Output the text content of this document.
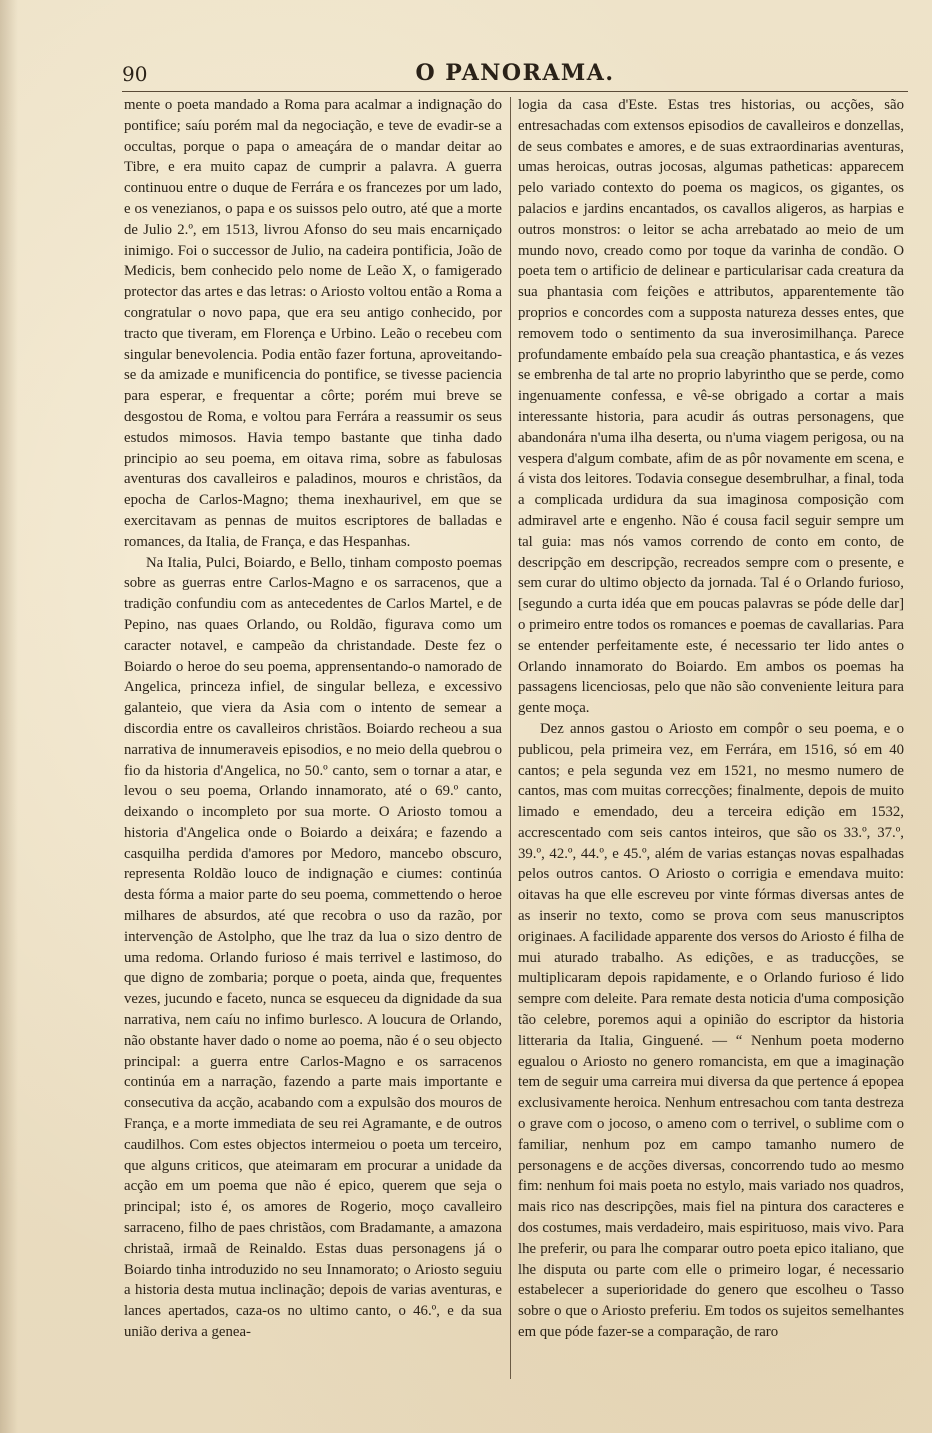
90	O PANORAMA.

mente o poeta mandado a Roma para acalmar a indignação do pontifice; saíu porém mal da negociação, e teve de evadir-se a occultas, porque o papa o ameaçára de o mandar deitar ao Tibre, e era muito capaz de cumprir a palavra. A guerra continuou entre o duque de Ferrára e os francezes por um lado, e os venezianos, o papa e os suissos pelo outro, até que a morte de Julio 2.º, em 1513, livrou Afonso do seu mais encarniçado inimigo. Foi o successor de Julio, na cadeira pontificia, João de Medicis, bem conhecido pelo nome de Leão X, o famigerado protector das artes e das letras: o Ariosto voltou então a Roma a congratular o novo papa, que era seu antigo conhecido, por tracto que tiveram, em Florença e Urbino. Leão o recebeu com singular benevolencia. Podia então fazer fortuna, aproveitando-se da amizade e munificencia do pontifice, se tivesse paciencia para esperar, e frequentar a côrte; porém mui breve se desgostou de Roma, e voltou para Ferrára a reassumir os seus estudos mimosos. Havia tempo bastante que tinha dado principio ao seu poema, em oitava rima, sobre as fabulosas aventuras dos cavalleiros e paladinos, mouros e christãos, da epocha de Carlos-Magno; thema inexhaurivel, em que se exercitavam as pennas de muitos escriptores de balladas e romances, da Italia, de França, e das Hespanhas.

Na Italia, Pulci, Boiardo, e Bello, tinham composto poemas sobre as guerras entre Carlos-Magno e os sarracenos, que a tradição confundiu com as antecedentes de Carlos Martel, e de Pepino, nas quaes Orlando, ou Roldão, figurava como um caracter notavel, e campeão da christandade. Deste fez o Boiardo o heroe do seu poema, apprensentando-o namorado de Angelica, princeza infiel, de singular belleza, e excessivo galanteio, que viera da Asia com o intento de semear a discordia entre os cavalleiros christãos. Boiardo recheou a sua narrativa de innumeraveis episodios, e no meio della quebrou o fio da historia d'Angelica, no 50.º canto, sem o tornar a atar, e levou o seu poema, Orlando innamorato, até o 69.º canto, deixando o incompleto por sua morte. O Ariosto tomou a historia d'Angelica onde o Boiardo a deixára; e fazendo a casquilha perdida d'amores por Medoro, mancebo obscuro, representa Roldão louco de indignação e ciumes: continúa desta fórma a maior parte do seu poema, commettendo o heroe milhares de absurdos, até que recobra o uso da razão, por intervenção de Astolpho, que lhe traz da lua o sizo dentro de uma redoma. Orlando furioso é mais terrivel e lastimoso, do que digno de zombaria; porque o poeta, ainda que, frequentes vezes, jucundo e faceto, nunca se esqueceu da dignidade da sua narrativa, nem caíu no infimo burlesco. A loucura de Orlando, não obstante haver dado o nome ao poema, não é o seu objecto principal: a guerra entre Carlos-Magno e os sarracenos continúa em a narração, fazendo a parte mais importante e consecutiva da acção, acabando com a expulsão dos mouros de França, e a morte immediata de seu rei Agramante, e de outros caudilhos. Com estes objectos intermeiou o poeta um terceiro, que alguns criticos, que ateimaram em procurar a unidade da acção em um poema que não é epico, querem que seja o principal; isto é, os amores de Rogerio, moço cavalleiro sarraceno, filho de paes christãos, com Bradamante, a amazona christaã, irmaã de Reinaldo. Estas duas personagens já o Boiardo tinha introduzido no seu Innamorato; o Ariosto seguiu a historia desta mutua inclinação; depois de varias aventuras, e lances apertados, caza-os no ultimo canto, o 46.º, e da sua união deriva a genea-

logia da casa d'Este. Estas tres historias, ou acções, são entresachadas com extensos episodios de cavalleiros e donzellas, de seus combates e amores, e de suas extraordinarias aventuras, umas heroicas, outras jocosas, algumas patheticas: apparecem pelo variado contexto do poema os magicos, os gigantes, os palacios e jardins encantados, os cavallos aligeros, as harpias e outros monstros: o leitor se acha arrebatado ao meio de um mundo novo, creado como por toque da varinha de condão. O poeta tem o artificio de delinear e particularisar cada creatura da sua phantasia com feições e attributos, apparentemente tão proprios e concordes com a supposta natureza desses entes, que removem todo o sentimento da sua inverosimilhança. Parece profundamente embaído pela sua creação phantastica, e ás vezes se embrenha de tal arte no proprio labyrintho que se perde, como ingenuamente confessa, e vê-se obrigado a cortar a mais interessante historia, para acudir ás outras personagens, que abandonára n'uma ilha deserta, ou n'uma viagem perigosa, ou na vespera d'algum combate, afim de as pôr novamente em scena, e á vista dos leitores. Todavia consegue desembrulhar, a final, toda a complicada urdidura da sua imaginosa composição com admiravel arte e engenho. Não é cousa facil seguir sempre um tal guia: mas nós vamos correndo de conto em conto, de descripção em descripção, recreados sempre com o presente, e sem curar do ultimo objecto da jornada. Tal é o Orlando furioso, [segundo a curta idéa que em poucas palavras se póde delle dar] o primeiro entre todos os romances e poemas de cavallarias. Para se entender perfeitamente este, é necessario ter lido antes o Orlando innamorato do Boiardo. Em ambos os poemas ha passagens licenciosas, pelo que não são conveniente leitura para gente moça.

Dez annos gastou o Ariosto em compôr o seu poema, e o publicou, pela primeira vez, em Ferrára, em 1516, só em 40 cantos; e pela segunda vez em 1521, no mesmo numero de cantos, mas com muitas correcções; finalmente, depois de muito limado e emendado, deu a terceira edição em 1532, accrescentado com seis cantos inteiros, que são os 33.º, 37.º, 39.º, 42.º, 44.º, e 45.º, além de varias estanças novas espalhadas pelos outros cantos. O Ariosto o corrigia e emendava muito: oitavas ha que elle escreveu por vinte fórmas diversas antes de as inserir no texto, como se prova com seus manuscriptos originaes. A facilidade apparente dos versos do Ariosto é filha de mui aturado trabalho. As edições, e as traducções, se multiplicaram depois rapidamente, e o Orlando furioso é lido sempre com deleite. Para remate desta noticia d'uma composição tão celebre, poremos aqui a opinião do escriptor da historia litteraria da Italia, Ginguené. — “ Nenhum poeta moderno egualou o Ariosto no genero romancista, em que a imaginação tem de seguir uma carreira mui diversa da que pertence á epopea exclusivamente heroica. Nenhum entresachou com tanta destreza o grave com o jocoso, o ameno com o terrivel, o sublime com o familiar, nenhum poz em campo tamanho numero de personagens e de acções diversas, concorrendo tudo ao mesmo fim: nenhum foi mais poeta no estylo, mais variado nos quadros, mais rico nas descripções, mais fiel na pintura dos caracteres e dos costumes, mais verdadeiro, mais espirituoso, mais vivo. Para lhe preferir, ou para lhe comparar outro poeta epico italiano, que lhe disputa ou parte com elle o primeiro logar, é necessario estabelecer a superioridade do genero que escolheu o Tasso sobre o que o Ariosto preferiu. Em todos os sujeitos semelhantes em que póde fazer-se a comparação, de raro
